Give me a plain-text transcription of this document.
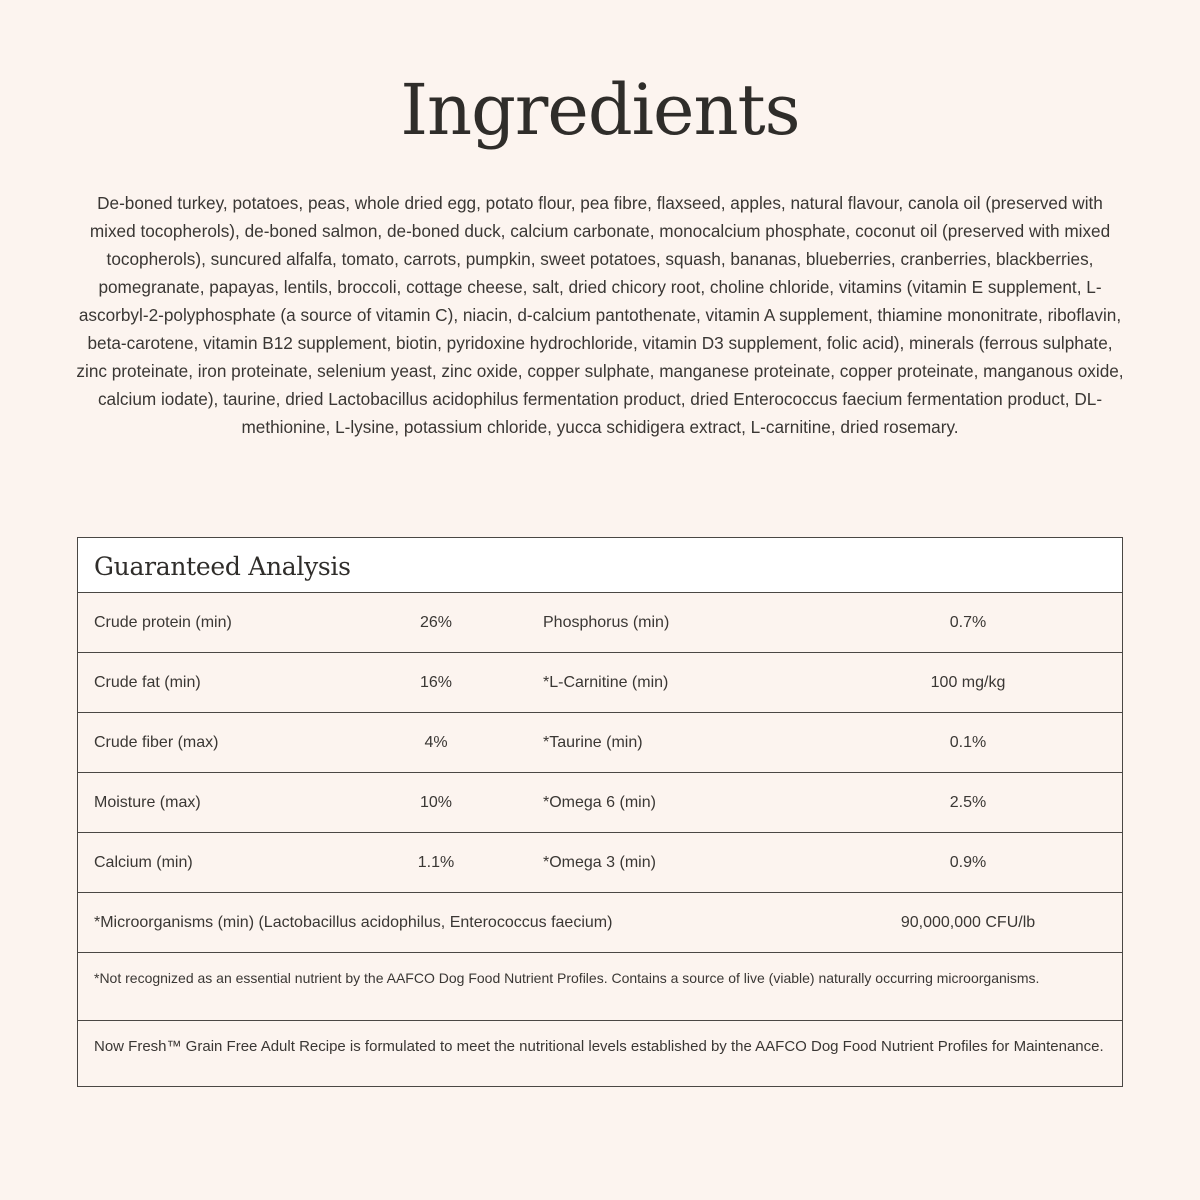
Ingredients

De-boned turkey, potatoes, peas, whole dried egg, potato flour, pea fibre, flaxseed, apples, natural flavour, canola oil (preserved with mixed tocopherols), de-boned salmon, de-boned duck, calcium carbonate, monocalcium phosphate, coconut oil (preserved with mixed tocopherols), suncured alfalfa, tomato, carrots, pumpkin, sweet potatoes, squash, bananas, blueberries, cranberries, blackberries, pomegranate, papayas, lentils, broccoli, cottage cheese, salt, dried chicory root, choline chloride, vitamins (vitamin E supplement, L-ascorbyl-2-polyphosphate (a source of vitamin C), niacin, d-calcium pantothenate, vitamin A supplement, thiamine mononitrate, riboflavin, beta-carotene, vitamin B12 supplement, biotin, pyridoxine hydrochloride, vitamin D3 supplement, folic acid), minerals (ferrous sulphate, zinc proteinate, iron proteinate, selenium yeast, zinc oxide, copper sulphate, manganese proteinate, copper proteinate, manganous oxide, calcium iodate), taurine, dried Lactobacillus acidophilus fermentation product, dried Enterococcus faecium fermentation product, DL-methionine, L-lysine, potassium chloride, yucca schidigera extract, L-carnitine, dried rosemary.

Guaranteed Analysis
Crude protein (min)	26%	Phosphorus (min)	0.7%
Crude fat (min)	16%	*L-Carnitine (min)	100 mg/kg
Crude fiber (max)	4%	*Taurine (min)	0.1%
Moisture (max)	10%	*Omega 6 (min)	2.5%
Calcium (min)	1.1%	*Omega 3 (min)	0.9%
*Microorganisms (min) (Lactobacillus acidophilus, Enterococcus faecium)	90,000,000 CFU/lb
*Not recognized as an essential nutrient by the AAFCO Dog Food Nutrient Profiles. Contains a source of live (viable) naturally occurring microorganisms.
Now Fresh™ Grain Free Adult Recipe is formulated to meet the nutritional levels established by the AAFCO Dog Food Nutrient Profiles for Maintenance.
